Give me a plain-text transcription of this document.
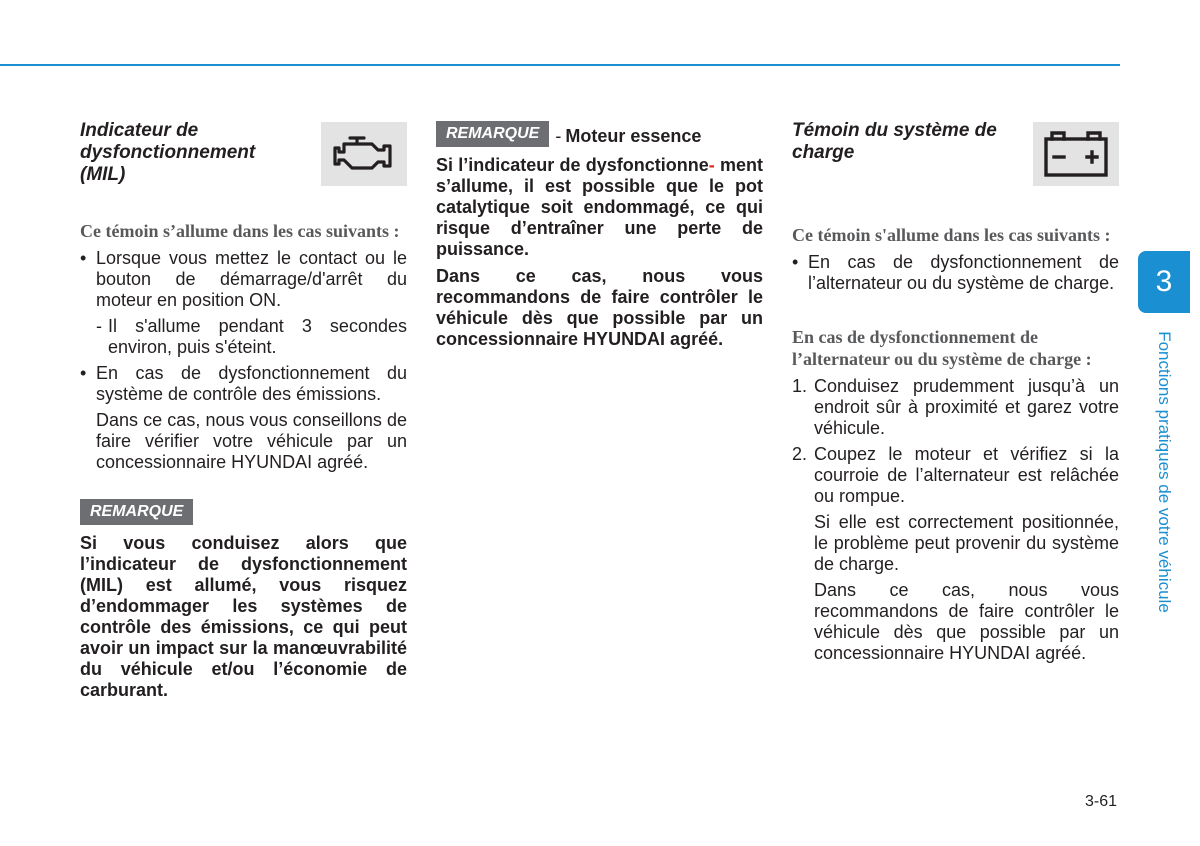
Indicateur de dysfonctionnement (MIL)

Ce témoin s’allume dans les cas suivants :

• Lorsque vous mettez le contact ou le bouton de démarrage/d'arrêt du moteur en position ON.
- Il s'allume pendant 3 secondes environ, puis s'éteint.
• En cas de dysfonctionnement du système de contrôle des émissions.

Dans ce cas, nous vous conseillons de faire vérifier votre véhicule par un concessionnaire HYUNDAI agréé.

REMARQUE

Si vous conduisez alors que l’indicateur de dysfonctionnement (MIL) est allumé, vous risquez d’endommager les systèmes de contrôle des émissions, ce qui peut avoir un impact sur la manœuvrabilité du véhicule et/ou l’économie de carburant.

REMARQUE - Moteur essence

Si l’indicateur de dysfonctionne- ment s’allume, il est possible que le pot catalytique soit endommagé, ce qui risque d’entraîner une perte de puissance.

Dans ce cas, nous vous recommandons de faire contrôler le véhicule dès que possible par un concessionnaire HYUNDAI agréé.

Témoin du système de charge

Ce témoin s'allume dans les cas suivants :

• En cas de dysfonctionnement de l’alternateur ou du système de charge.

En cas de dysfonctionnement de l’alternateur ou du système de charge :

1. Conduisez prudemment jusqu’à un endroit sûr à proximité et garez votre véhicule.
2. Coupez le moteur et vérifiez si la courroie de l’alternateur est relâchée ou rompue.

Si elle est correctement positionnée, le problème peut provenir du système de charge.

Dans ce cas, nous vous recommandons de faire contrôler le véhicule dès que possible par un concessionnaire HYUNDAI agréé.

3
Fonctions pratiques de votre véhicule
3-61
